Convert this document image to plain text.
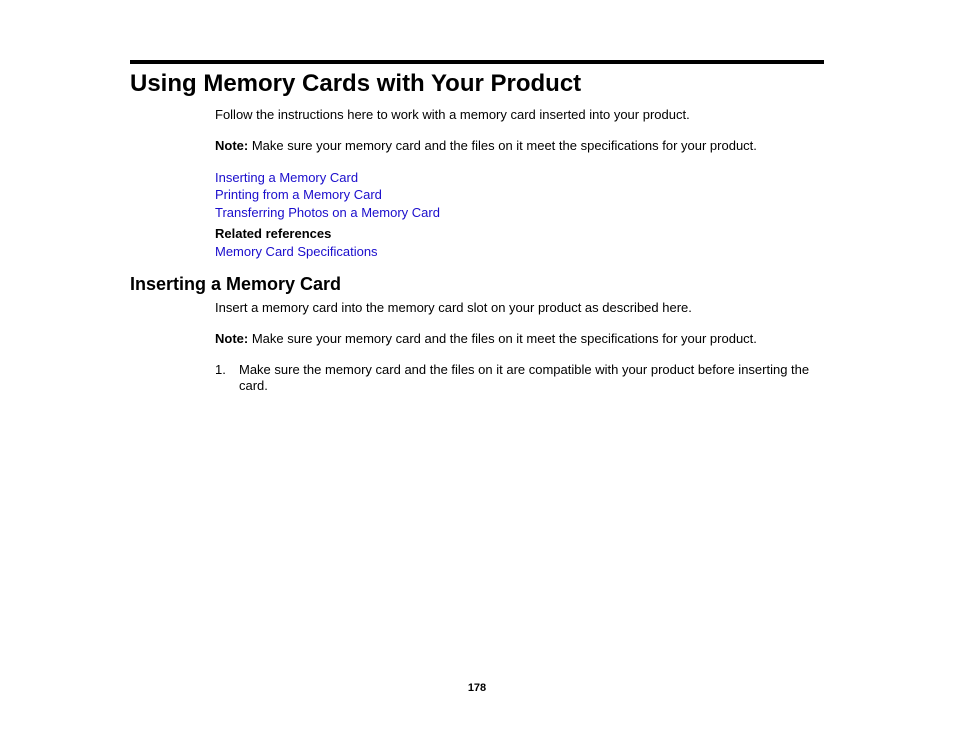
Using Memory Cards with Your Product
Follow the instructions here to work with a memory card inserted into your product.
Note: Make sure your memory card and the files on it meet the specifications for your product.
Inserting a Memory Card
Printing from a Memory Card
Transferring Photos on a Memory Card
Related references
Memory Card Specifications
Inserting a Memory Card
Insert a memory card into the memory card slot on your product as described here.
Note: Make sure your memory card and the files on it meet the specifications for your product.
1. Make sure the memory card and the files on it are compatible with your product before inserting the card.
178
